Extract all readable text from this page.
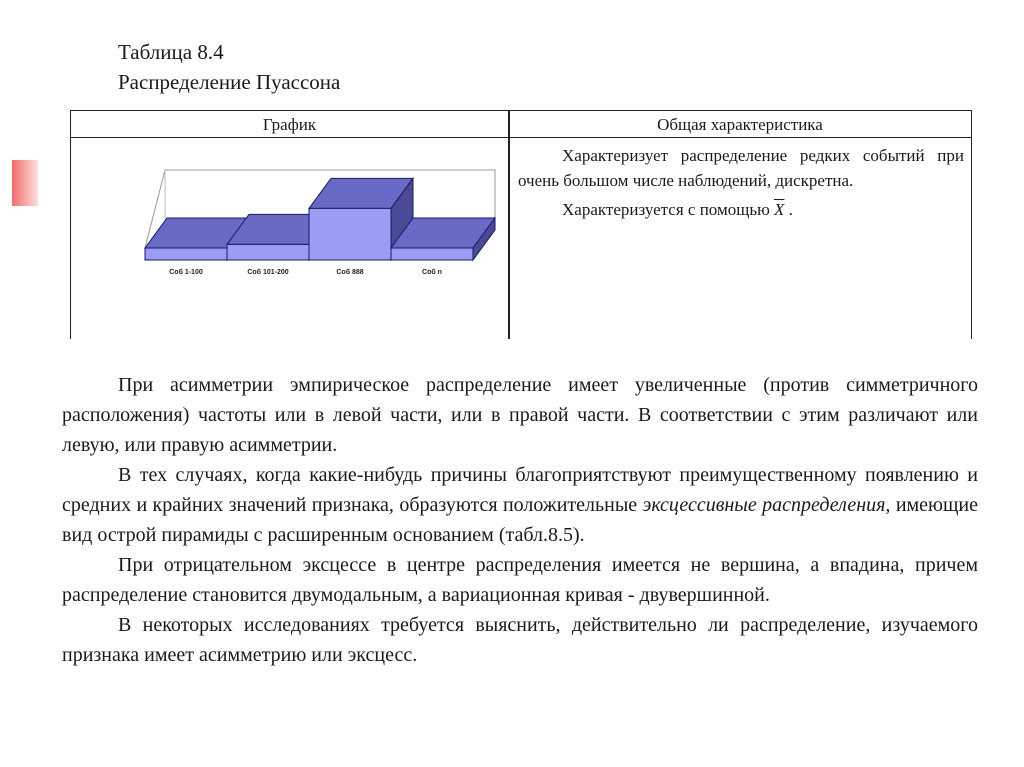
Таблица 8.4
Распределение Пуассона
График	Общая характеристика

Характеризует распределение редких событий при очень большом числе наблюдений, дискретна.

Характеризуется с помощью $\overline{X}$ .

Соб 1-100	Соб 101-200	Соб 888	Соб n

При асимметрии эмпирическое распределение имеет увеличенные (против симметричного расположения) частоты или в левой части, или в правой части. В соответствии с этим различают или левую, или правую асимметрии.

В тех случаях, когда какие-нибудь причины благоприятствуют преимущественному появлению и средних и крайних значений признака, образуются положительные эксцессивные распределения, имеющие вид острой пирамиды с расширенным основанием (табл.8.5).

При отрицательном эксцессе в центре распределения имеется не вершина, а впадина, причем распределение становится двумодальным, а вариационная кривая - двувершинной.

В некоторых исследованиях требуется выяснить, действительно ли распределение, изучаемого признака имеет асимметрию или эксцесс.
